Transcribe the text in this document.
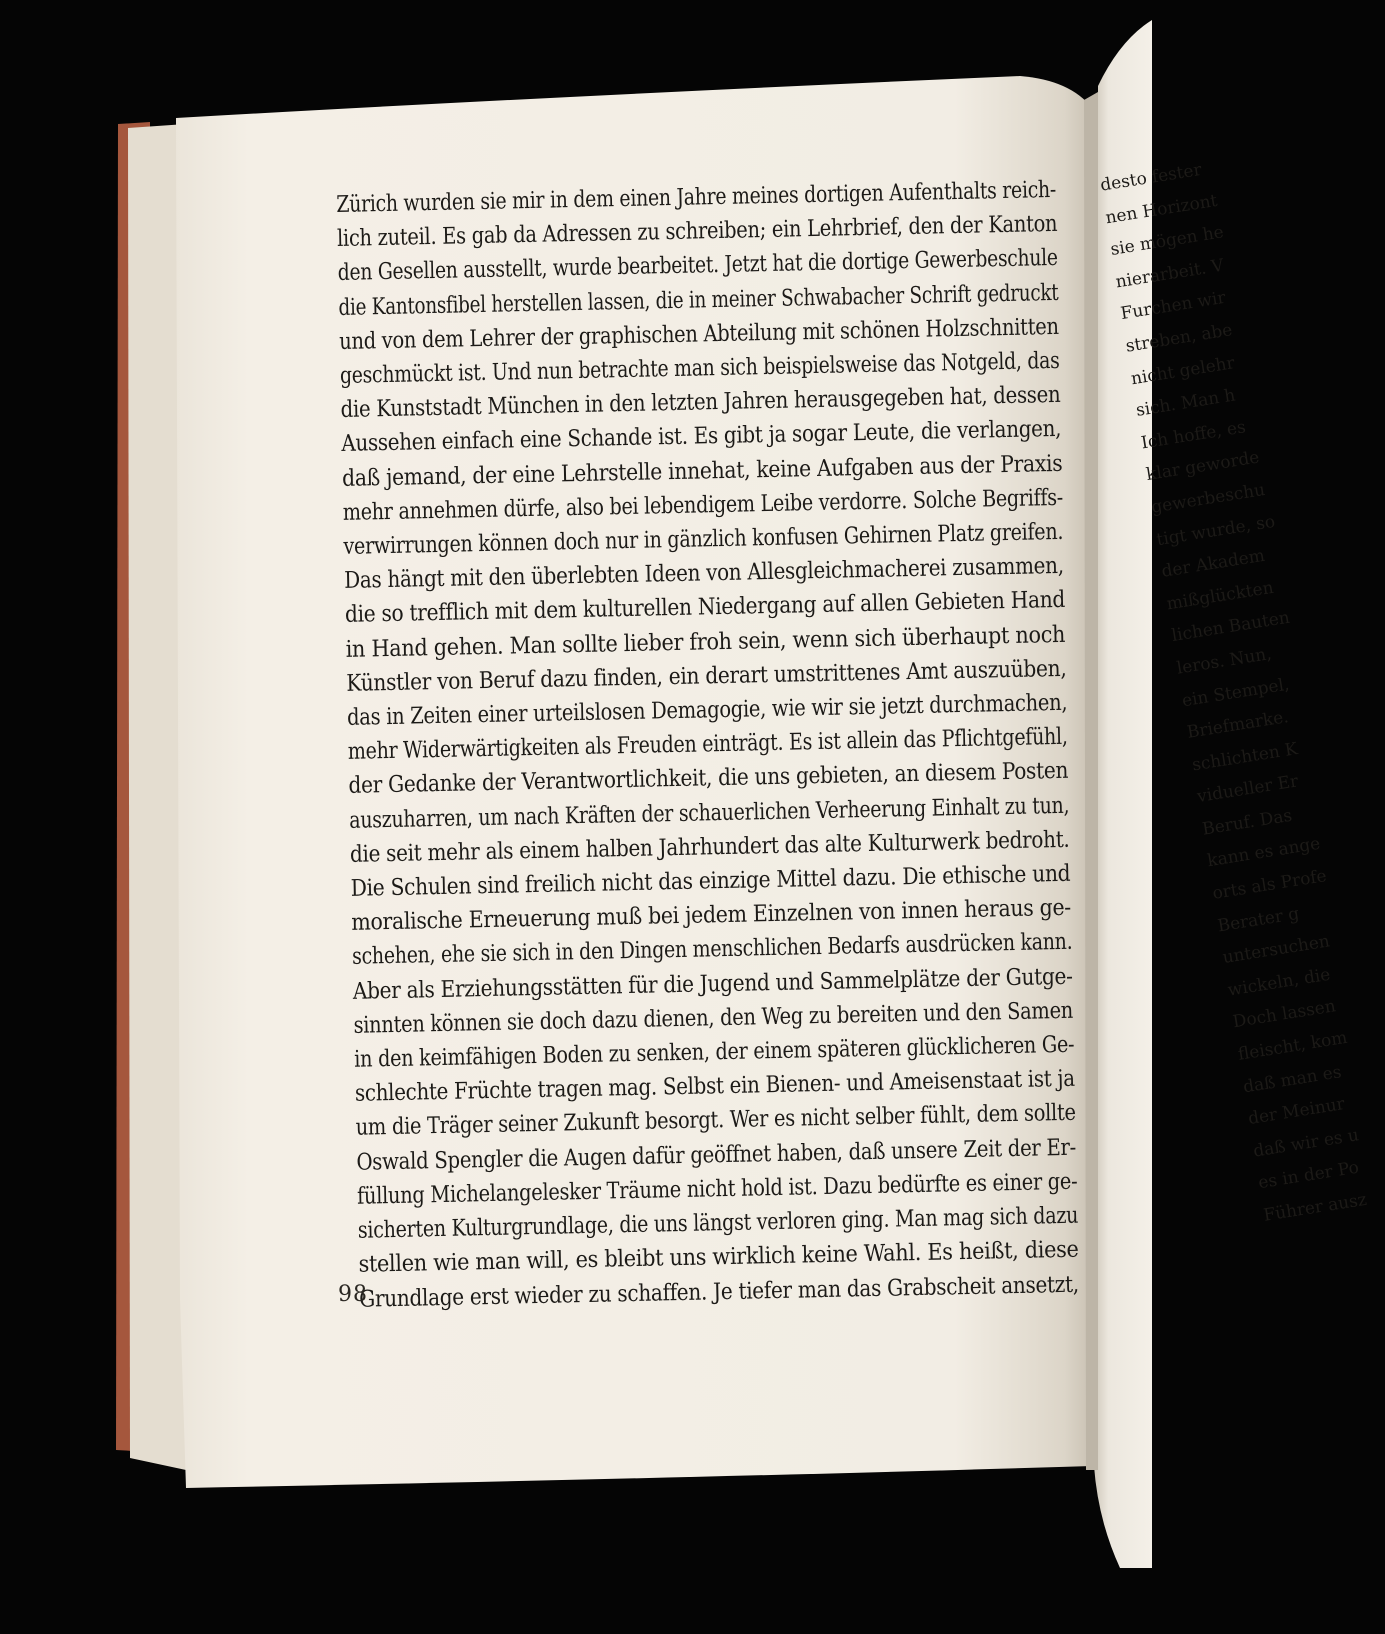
Zürich wurden sie mir in dem einen Jahre meines dortigen Aufenthalts reich-
lich zuteil. Es gab da Adressen zu schreiben; ein Lehrbrief, den der Kanton
den Gesellen ausstellt, wurde bearbeitet. Jetzt hat die dortige Gewerbeschule
die Kantonsfibel herstellen lassen, die in meiner Schwabacher Schrift gedruckt
und von dem Lehrer der graphischen Abteilung mit schönen Holzschnitten
geschmückt ist. Und nun betrachte man sich beispielsweise das Notgeld, das
die Kunststadt München in den letzten Jahren herausgegeben hat, dessen
Aussehen einfach eine Schande ist. Es gibt ja sogar Leute, die verlangen,
daß jemand, der eine Lehrstelle innehat, keine Aufgaben aus der Praxis
mehr annehmen dürfe, also bei lebendigem Leibe verdorre. Solche Begriffs-
verwirrungen können doch nur in gänzlich konfusen Gehirnen Platz greifen.
Das hängt mit den überlebten Ideen von Allesgleichmacherei zusammen,
die so trefflich mit dem kulturellen Niedergang auf allen Gebieten Hand
in Hand gehen. Man sollte lieber froh sein, wenn sich überhaupt noch
Künstler von Beruf dazu finden, ein derart umstrittenes Amt auszuüben,
das in Zeiten einer urteilslosen Demagogie, wie wir sie jetzt durchmachen,
mehr Widerwärtigkeiten als Freuden einträgt. Es ist allein das Pflichtgefühl,
der Gedanke der Verantwortlichkeit, die uns gebieten, an diesem Posten
auszuharren, um nach Kräften der schauerlichen Verheerung Einhalt zu tun,
die seit mehr als einem halben Jahrhundert das alte Kulturwerk bedroht.
Die Schulen sind freilich nicht das einzige Mittel dazu. Die ethische und
moralische Erneuerung muß bei jedem Einzelnen von innen heraus ge-
schehen, ehe sie sich in den Dingen menschlichen Bedarfs ausdrücken kann.
Aber als Erziehungsstätten für die Jugend und Sammelplätze der Gutge-
sinnten können sie doch dazu dienen, den Weg zu bereiten und den Samen
in den keimfähigen Boden zu senken, der einem späteren glücklicheren Ge-
schlechte Früchte tragen mag. Selbst ein Bienen- und Ameisenstaat ist ja
um die Träger seiner Zukunft besorgt. Wer es nicht selber fühlt, dem sollte
Oswald Spengler die Augen dafür geöffnet haben, daß unsere Zeit der Er-
füllung Michelangelesker Träume nicht hold ist. Dazu bedürfte es einer ge-
sicherten Kulturgrundlage, die uns längst verloren ging. Man mag sich dazu
stellen wie man will, es bleibt uns wirklich keine Wahl. Es heißt, diese
Grundlage erst wieder zu schaffen. Je tiefer man das Grabscheit ansetzt,
98
desto fester
nen Horizont
sie mögen he
nierarbeit. V
Furchen wir
streben, abe
nicht gelehr
sich. Man h
Ich hoffe, es
klar geworde
gewerbeschu
tigt wurde, so
der Akadem
mißglückten
lichen Bauten
leros. Nun,
ein Stempel,
Briefmarke.
schlichten K
vidueller Er
Beruf. Das
kann es ange
orts als Profe
Berater g
untersuchen
wickeln, die
Doch lassen
fleischt, kom
daß man es
der Meinur
daß wir es u
es in der Po
Führer ausz
